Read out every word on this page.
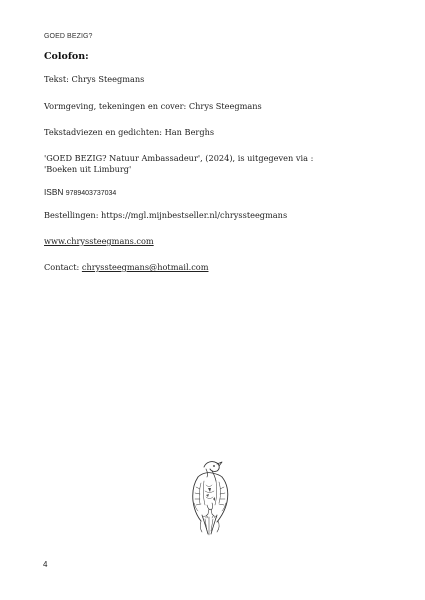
GOED BEZIG?
Colofon:
Tekst: Chrys Steegmans
Vormgeving, tekeningen en cover: Chrys Steegmans
Tekstadviezen en gedichten: Han Berghs
'GOED BEZIG? Natuur Ambassadeur', (2024), is uitgegeven via :
'Boeken uit Limburg'
ISBN 9789403737034
Bestellingen: https://mgl.mijnbestseller.nl/chryssteegmans
www.chryssteegmans.com
Contact: chryssteegmans@hotmail.com
4
